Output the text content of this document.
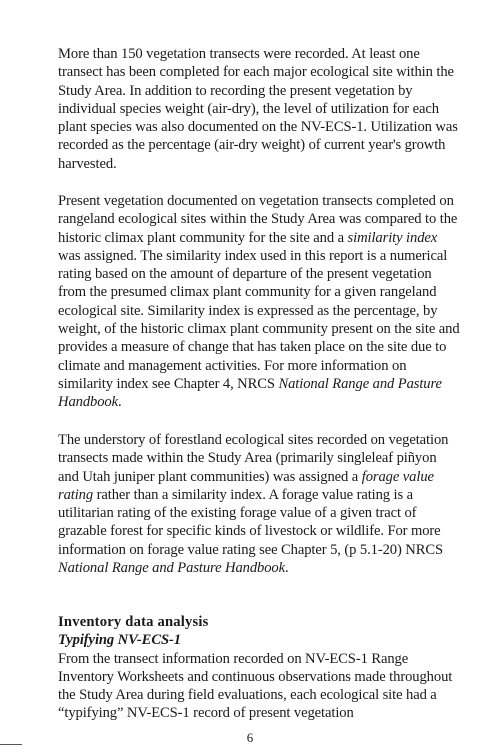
More than 150 vegetation transects were recorded. At least one transect has been completed for each major ecological site within the Study Area. In addition to recording the present vegetation by individual species weight (air-dry), the level of utilization for each plant species was also documented on the NV-ECS-1. Utilization was recorded as the percentage (air-dry weight) of current year's growth harvested.

Present vegetation documented on vegetation transects completed on rangeland ecological sites within the Study Area was compared to the historic climax plant community for the site and a similarity index was assigned. The similarity index used in this report is a numerical rating based on the amount of departure of the present vegetation from the presumed climax plant community for a given rangeland ecological site. Similarity index is expressed as the percentage, by weight, of the historic climax plant community present on the site and provides a measure of change that has taken place on the site due to climate and management activities. For more information on similarity index see Chapter 4, NRCS National Range and Pasture Handbook.

The understory of forestland ecological sites recorded on vegetation transects made within the Study Area (primarily singleleaf piñyon and Utah juniper plant communities) was assigned a forage value rating rather than a similarity index. A forage value rating is a utilitarian rating of the existing forage value of a given tract of grazable forest for specific kinds of livestock or wildlife. For more information on forage value rating see Chapter 5, (p 5.1-20) NRCS National Range and Pasture Handbook.

Inventory data analysis
Typifying NV-ECS-1

From the transect information recorded on NV-ECS-1 Range Inventory Worksheets and continuous observations made throughout the Study Area during field evaluations, each ecological site had a “typifying” NV-ECS-1 record of present vegetation

6
